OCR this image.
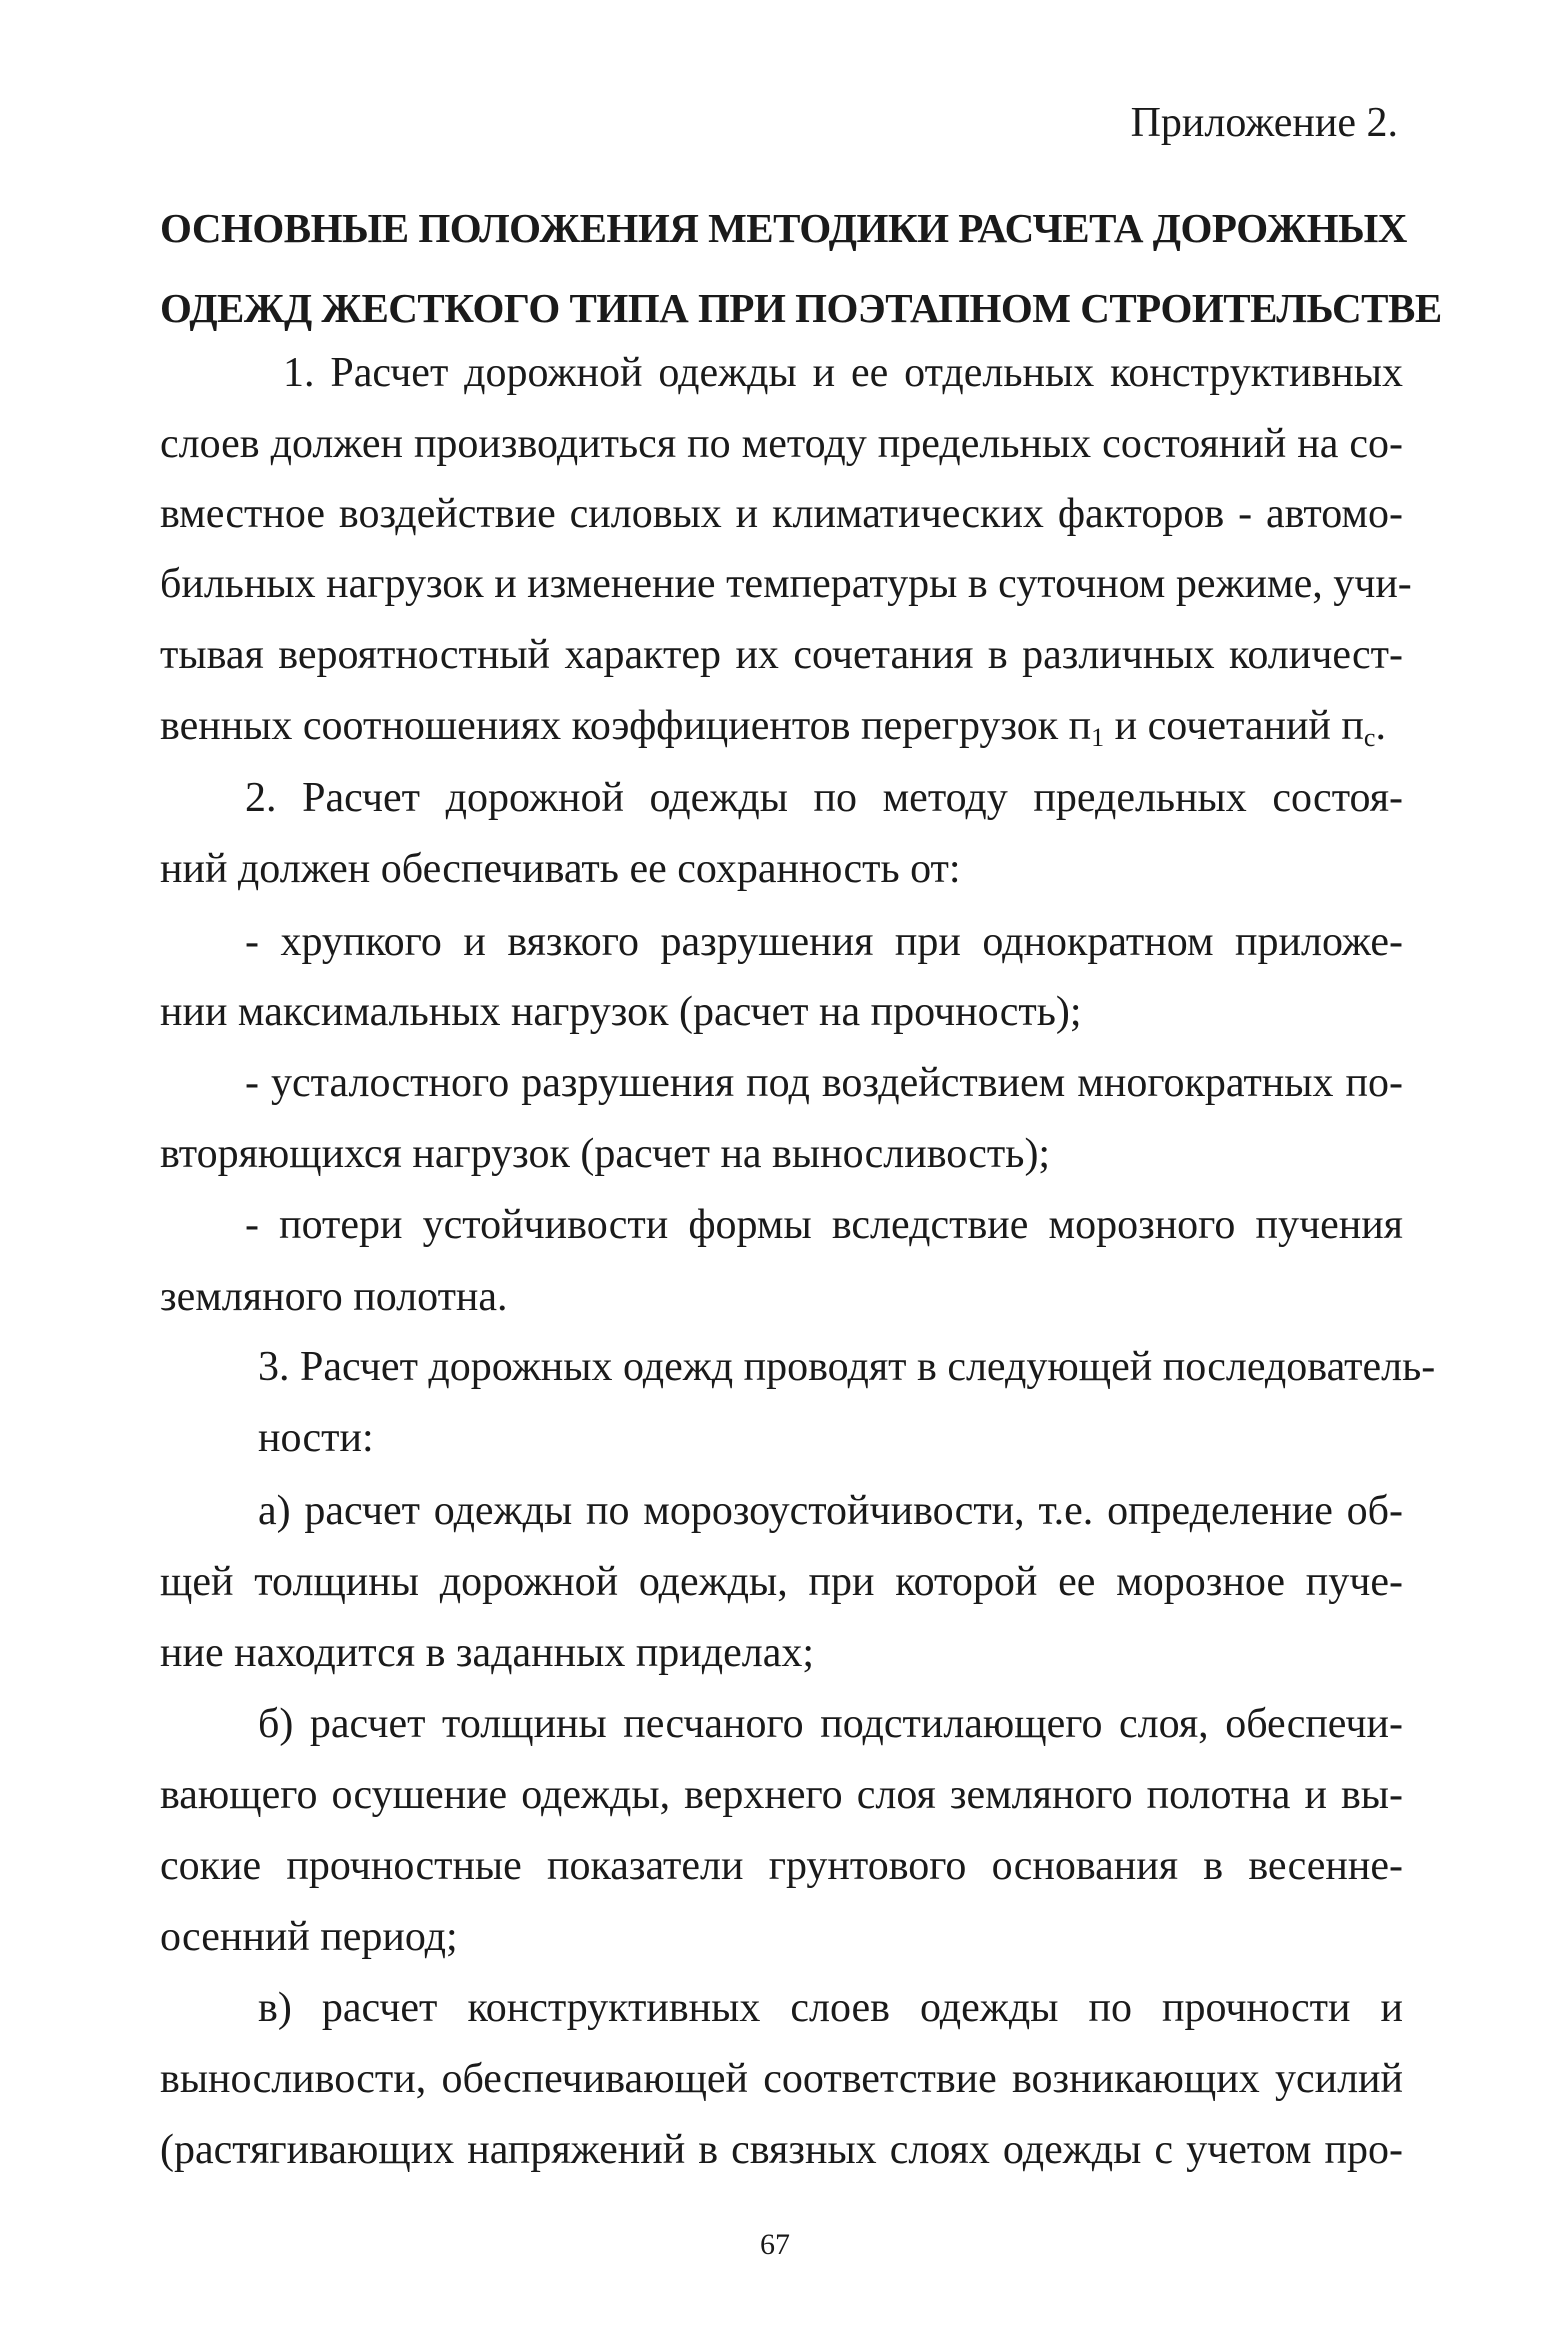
Приложение 2.
ОСНОВНЫЕ ПОЛОЖЕНИЯ МЕТОДИКИ РАСЧЕТА ДОРОЖНЫХ
ОДЕЖД ЖЕСТКОГО ТИПА ПРИ ПОЭТАПНОМ СТРОИТЕЛЬСТВЕ
1. Расчет дорожной одежды и ее отдельных конструктивных
слоев должен производиться по методу предельных состояний на со-
вместное воздействие силовых и климатических факторов - автомо-
бильных нагрузок и изменение температуры в суточном режиме, учи-
тывая вероятностный характер их сочетания в различных количест-
венных соотношениях коэффициентов перегрузок $п_1$ и сочетаний $п_с$.
2. Расчет дорожной одежды по методу предельных состоя-
ний должен обеспечивать ее сохранность от:
- хрупкого и вязкого разрушения при однократном приложе-
нии максимальных нагрузок (расчет на прочность);
- усталостного разрушения под воздействием многократных по-
вторяющихся нагрузок (расчет на выносливость);
- потери устойчивости формы вследствие морозного пучения
земляного полотна.
3. Расчет дорожных одежд проводят в следующей последователь-
ности:
а) расчет одежды по морозоустойчивости, т.е. определение об-
щей толщины дорожной одежды, при которой ее морозное пуче-
ние находится в заданных приделах;
б) расчет толщины песчаного подстилающего слоя, обеспечи-
вающего осушение одежды, верхнего слоя земляного полотна и вы-
сокие прочностные показатели грунтового основания в весенне-
осенний период;
в) расчет конструктивных слоев одежды по прочности и
выносливости, обеспечивающей соответствие возникающих усилий
(растягивающих напряжений в связных слоях одежды с учетом про-
67
